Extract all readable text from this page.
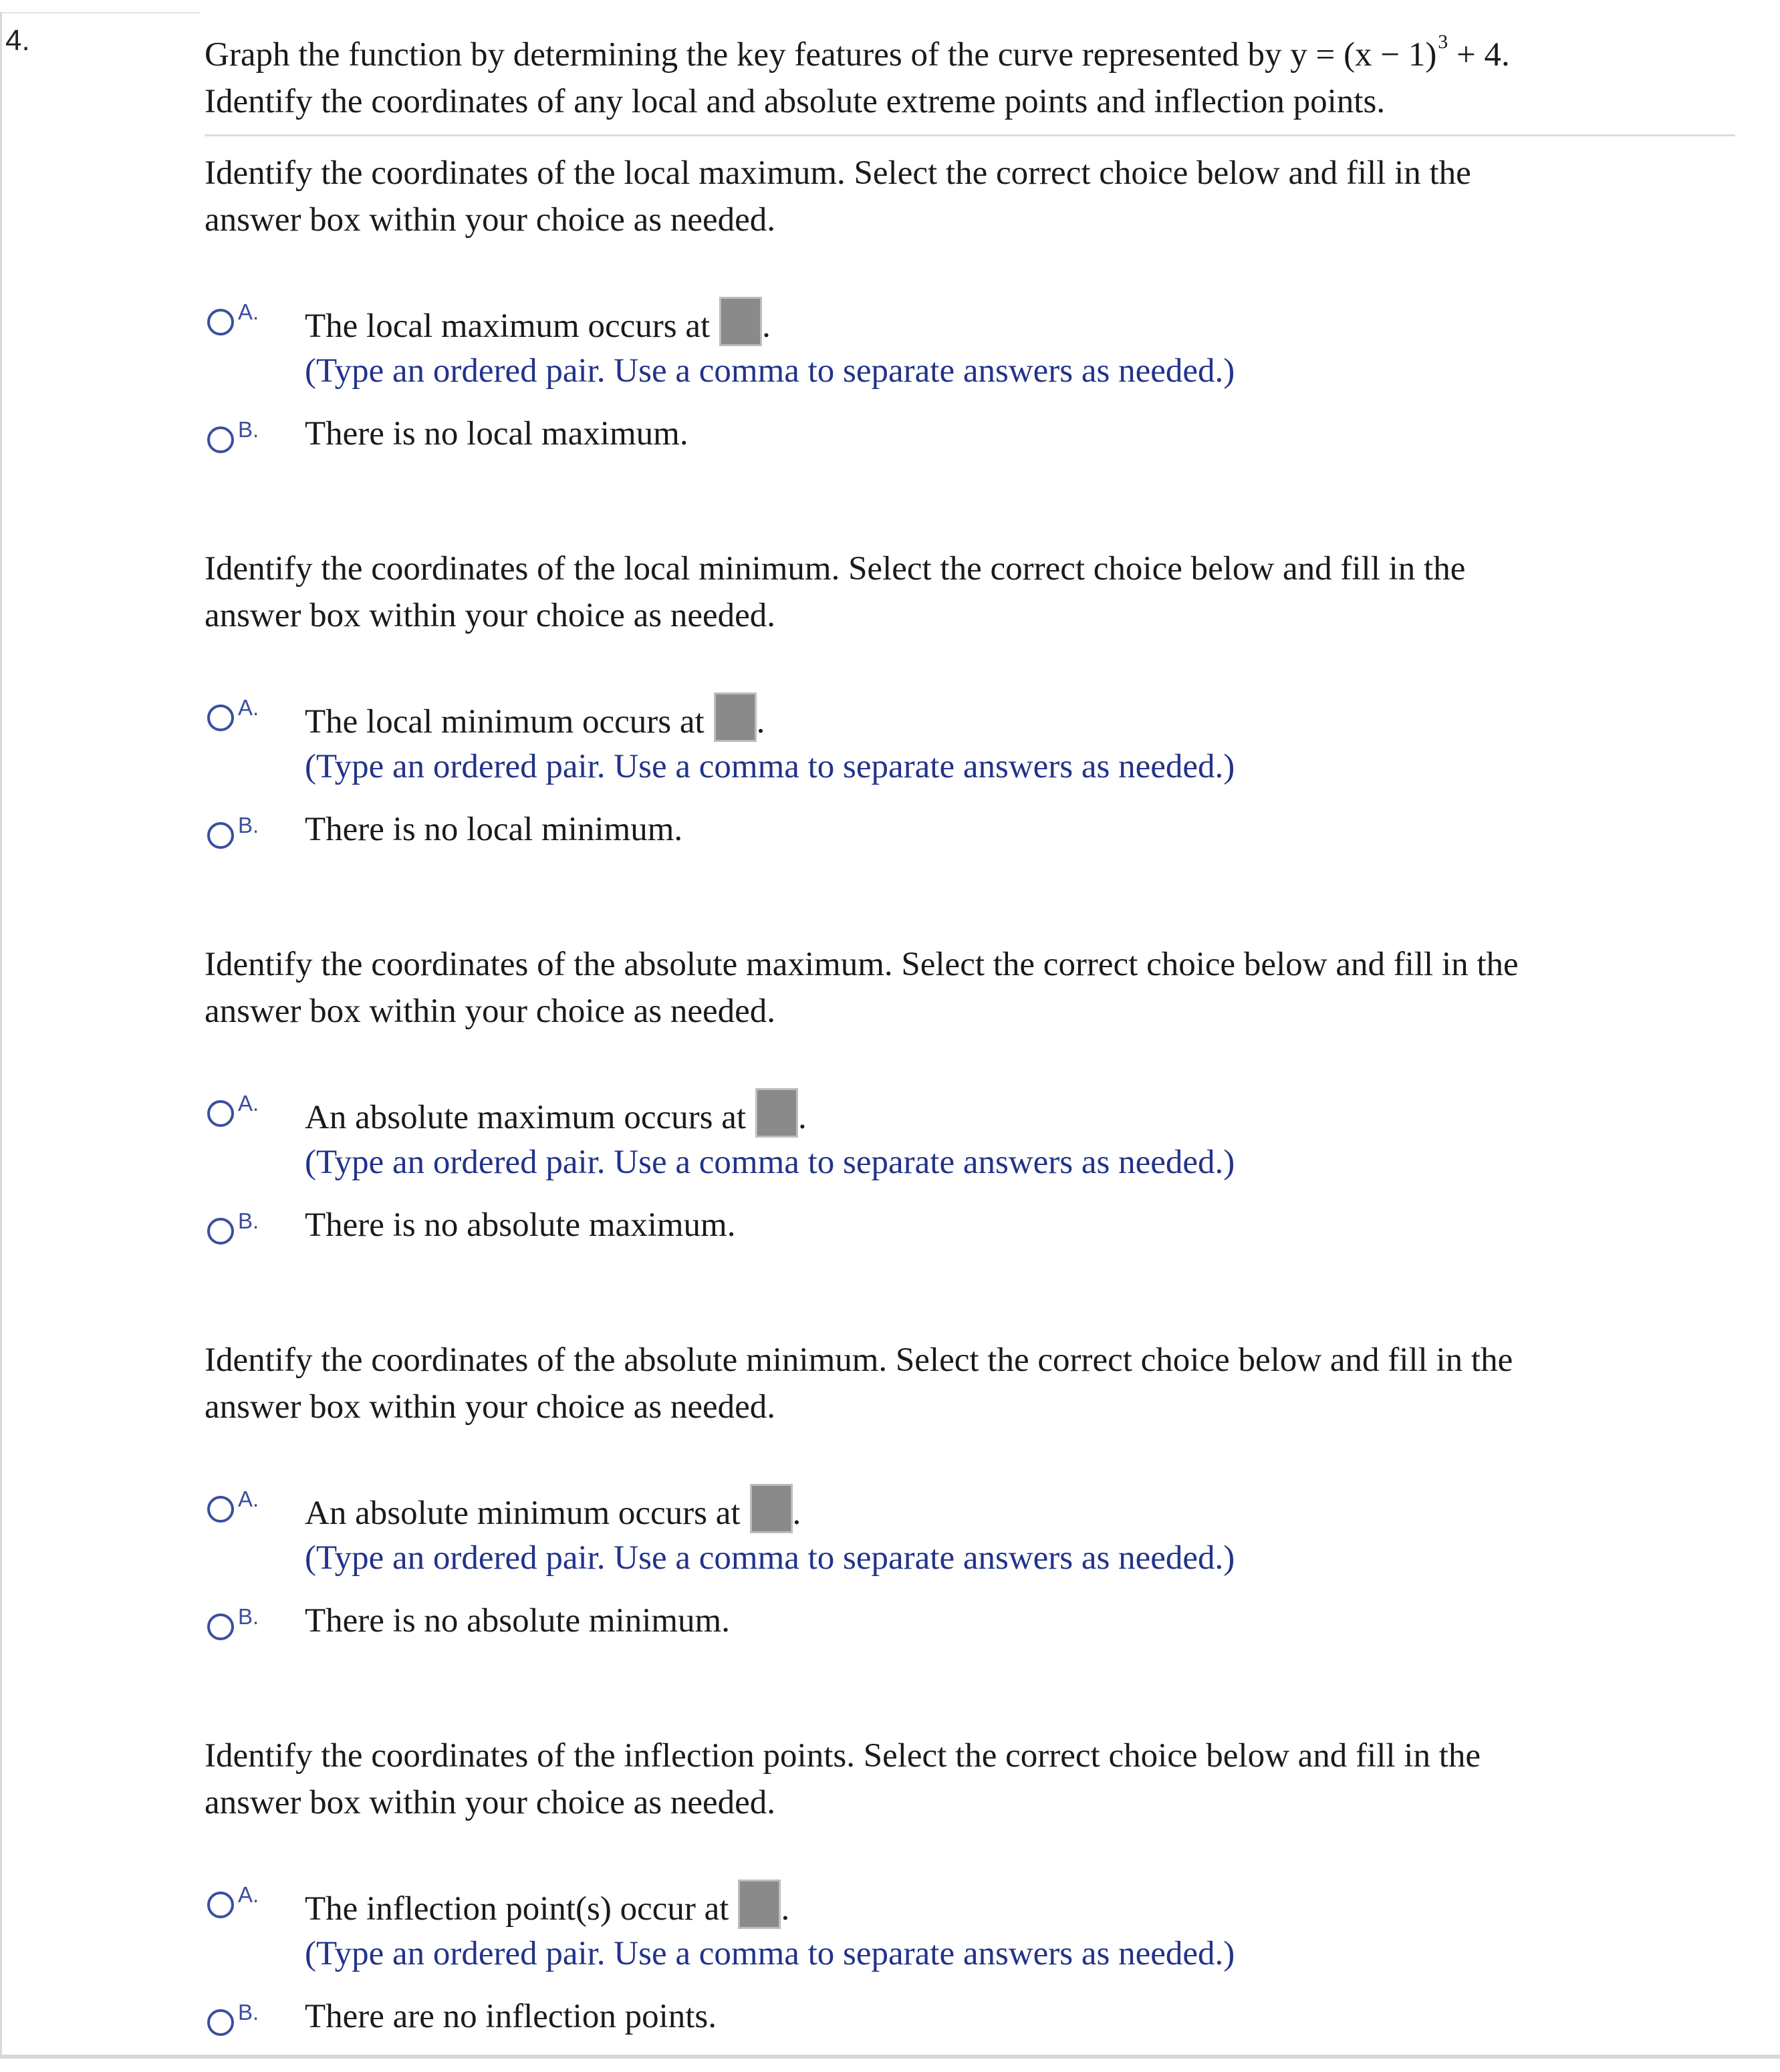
4.	Graph the function by determining the key features of the curve represented by $y = (x - 1)^3 + 4$.
Identify the coordinates of any local and absolute extreme points and inflection points.
Identify the coordinates of the local maximum. Select the correct choice below and fill in the
answer box within your choice as needed.
A. The local maximum occurs at .
(Type an ordered pair. Use a comma to separate answers as needed.)
B. There is no local maximum.
Identify the coordinates of the local minimum. Select the correct choice below and fill in the
answer box within your choice as needed.
A. The local minimum occurs at .
(Type an ordered pair. Use a comma to separate answers as needed.)
B. There is no local minimum.
Identify the coordinates of the absolute maximum. Select the correct choice below and fill in the
answer box within your choice as needed.
A. An absolute maximum occurs at .
(Type an ordered pair. Use a comma to separate answers as needed.)
B. There is no absolute maximum.
Identify the coordinates of the absolute minimum. Select the correct choice below and fill in the
answer box within your choice as needed.
A. An absolute minimum occurs at .
(Type an ordered pair. Use a comma to separate answers as needed.)
B. There is no absolute minimum.
Identify the coordinates of the inflection points. Select the correct choice below and fill in the
answer box within your choice as needed.
A. The inflection point(s) occur at .
(Type an ordered pair. Use a comma to separate answers as needed.)
B. There are no inflection points.
